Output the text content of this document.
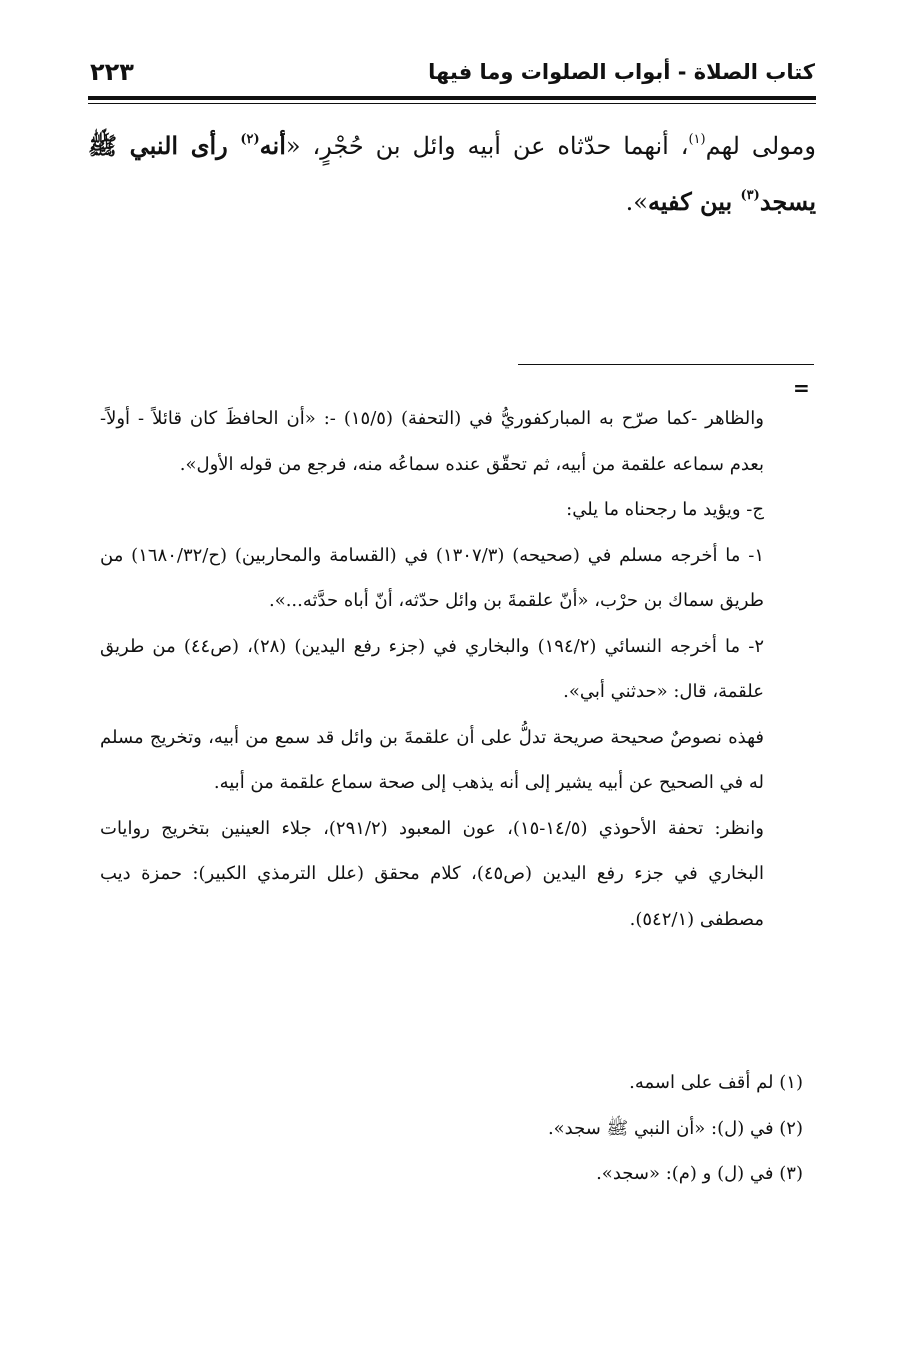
كتاب الصلاة - أبواب الصلوات وما فيها
٢٢٣
ومولى لهم$^{(١)}$، أنهما حدّثاه عن أبيه وائل بن حُجْرٍ، «أنه$^{(٢)}$ رأى النبي ﷺ يسجد$^{(٣)}$ بين كفيه».
=

والظاهر -كما صرّح به المباركفوريُّ في (التحفة) (١٥/٥) -: «أن الحافظَ كان قائلاً - أولاً- بعدم سماعه علقمة من أبيه، ثم تحقّق عنده سماعُه منه، فرجع من قوله الأول».

ج- ويؤيد ما رجحناه ما يلي:

١- ما أخرجه مسلم في (صحيحه) (١٣٠٧/٣) في (القسامة والمحاربين) (ح/١٦٨٠/٣٢) من طريق سماك بن حرْب، «أنّ علقمةَ بن وائل حدّثه، أنّ أباه حدَّثه...».

٢- ما أخرجه النسائي (١٩٤/٢) والبخاري في (جزء رفع اليدين) (٢٨)، (ص٤٤) من طريق علقمة، قال: «حدثني أبي».

فهذه نصوصٌ صحيحة صريحة تدلُّ على أن علقمةَ بن وائل قد سمع من أبيه، وتخريج مسلم له في الصحيح عن أبيه يشير إلى أنه يذهب إلى صحة سماع علقمة من أبيه.

وانظر: تحفة الأحوذي (١٤/٥-١٥)، عون المعبود (٢٩١/٢)، جلاء العينين بتخريج روايات البخاري في جزء رفع اليدين (ص٤٥)، كلام محقق (علل الترمذي الكبير): حمزة ديب مصطفى (٥٤٢/١).

(١) لم أقف على اسمه.

(٢) في (ل): «أن النبي ﷺ سجد».

(٣) في (ل) و (م): «سجد».
